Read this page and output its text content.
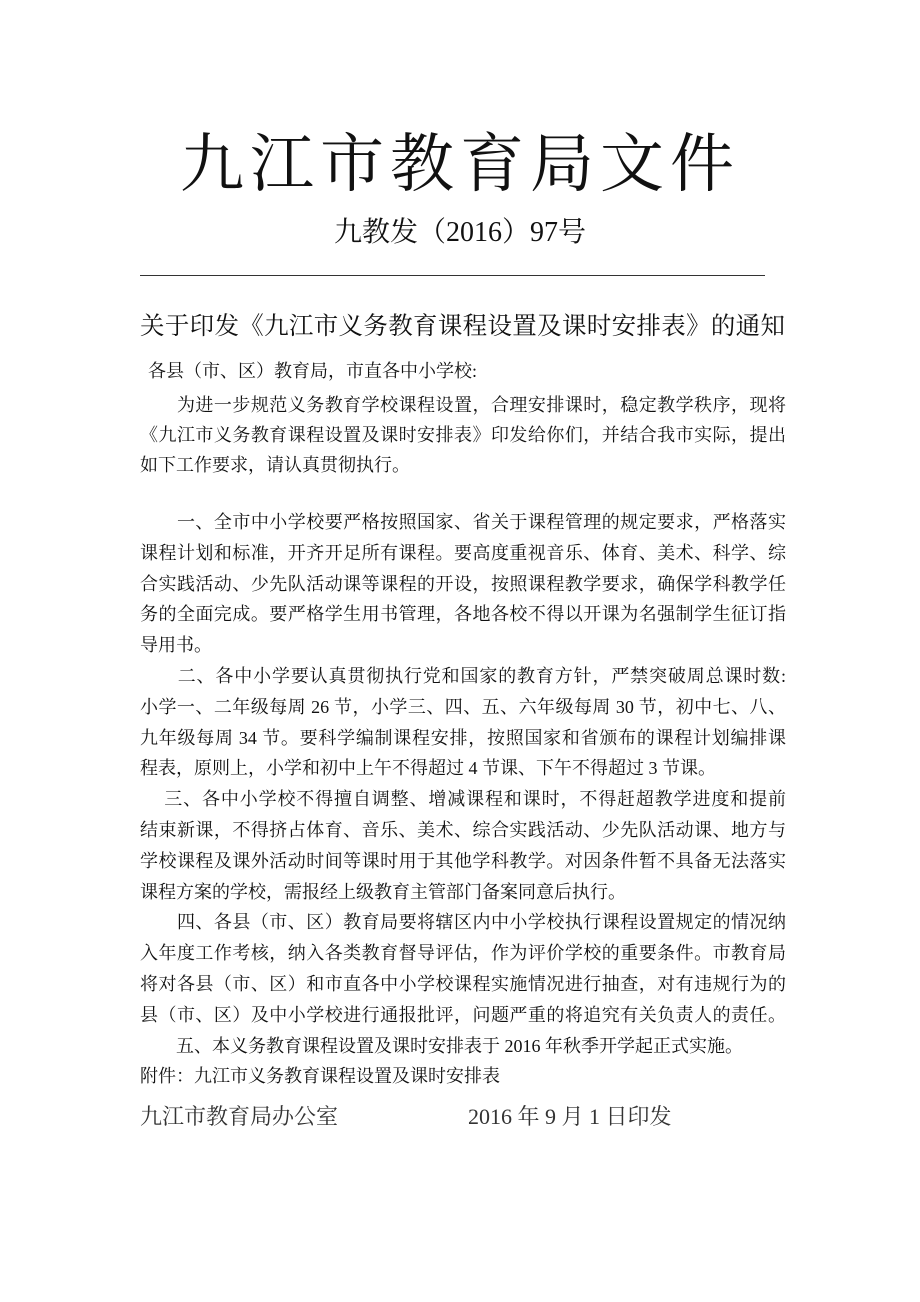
九江市教育局文件
九教发（2016）97号
关于印发《九江市义务教育课程设置及课时安排表》的通知
各县（市、区）教育局，市直各中小学校:
　　为进一步规范义务教育学校课程设置，合理安排课时，稳定教学秩序，现将
《九江市义务教育课程设置及课时安排表》印发给你们，并结合我市实际，提出
如下工作要求，请认真贯彻执行。
　　一、全市中小学校要严格按照国家、省关于课程管理的规定要求，严格落实
课程计划和标准，开齐开足所有课程。要高度重视音乐、体育、美术、科学、综
合实践活动、少先队活动课等课程的开设，按照课程教学要求，确保学科教学任
务的全面完成。要严格学生用书管理，各地各校不得以开课为名强制学生征订指
导用书。
　　二、各中小学要认真贯彻执行党和国家的教育方针，严禁突破周总课时数:
小学一、二年级每周 26 节，小学三、四、五、六年级每周 30 节，初中七、八、
九年级每周 34 节。要科学编制课程安排，按照国家和省颁布的课程计划编排课
程表，原则上，小学和初中上午不得超过 4 节课、下午不得超过 3 节课。
　 三、各中小学校不得擅自调整、增减课程和课时，不得赶超教学进度和提前
结束新课，不得挤占体育、音乐、美术、综合实践活动、少先队活动课、地方与
学校课程及课外活动时间等课时用于其他学科教学。对因条件暂不具备无法落实
课程方案的学校，需报经上级教育主管部门备案同意后执行。
　　四、各县（市、区）教育局要将辖区内中小学校执行课程设置规定的情况纳
入年度工作考核，纳入各类教育督导评估，作为评价学校的重要条件。市教育局
将对各县（市、区）和市直各中小学校课程实施情况进行抽查，对有违规行为的
县（市、区）及中小学校进行通报批评，问题严重的将追究有关负责人的责任。
　　五、本义务教育课程设置及课时安排表于 2016 年秋季开学起正式实施。
附件：九江市义务教育课程设置及课时安排表
九江市教育局办公室	2016 年 9 月 1 日印发
